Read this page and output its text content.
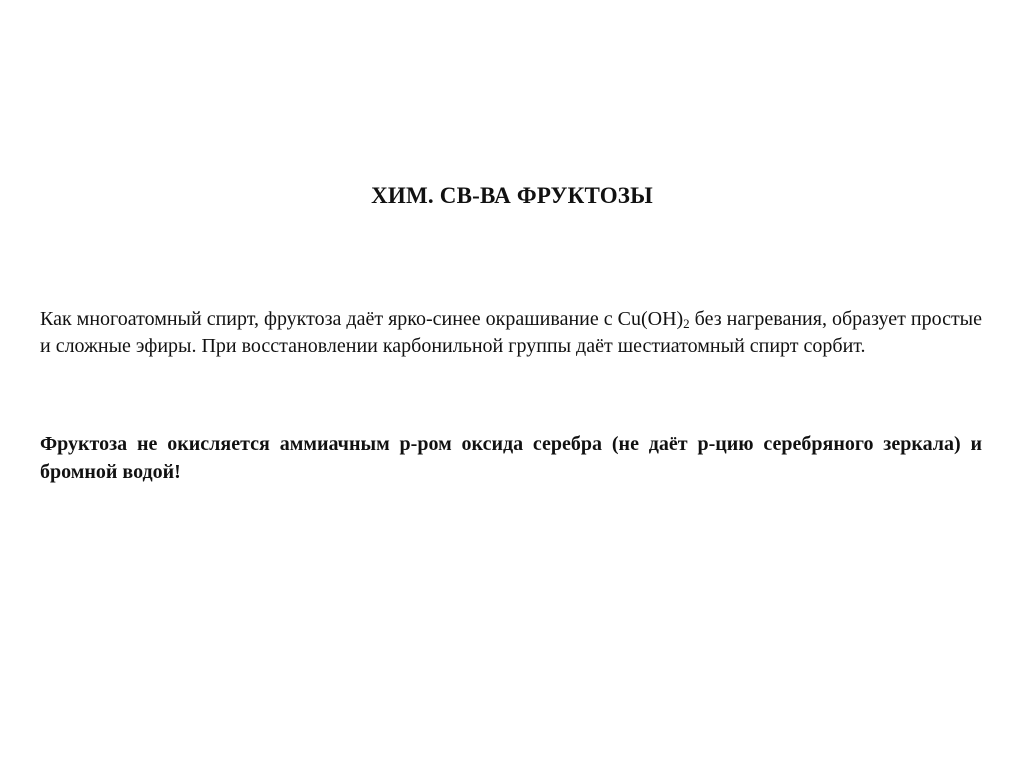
ХИМ. СВ-ВА ФРУКТОЗЫ

Как многоатомный спирт, фруктоза даёт ярко-синее окрашивание с $Cu(OH)_2$ без нагревания, образует простые и сложные эфиры. При восстановлении карбонильной группы даёт шестиатомный спирт сорбит.

Фруктоза не окисляется аммиачным р-ром оксида серебра (не даёт р-цию серебряного зеркала) и бромной водой!
